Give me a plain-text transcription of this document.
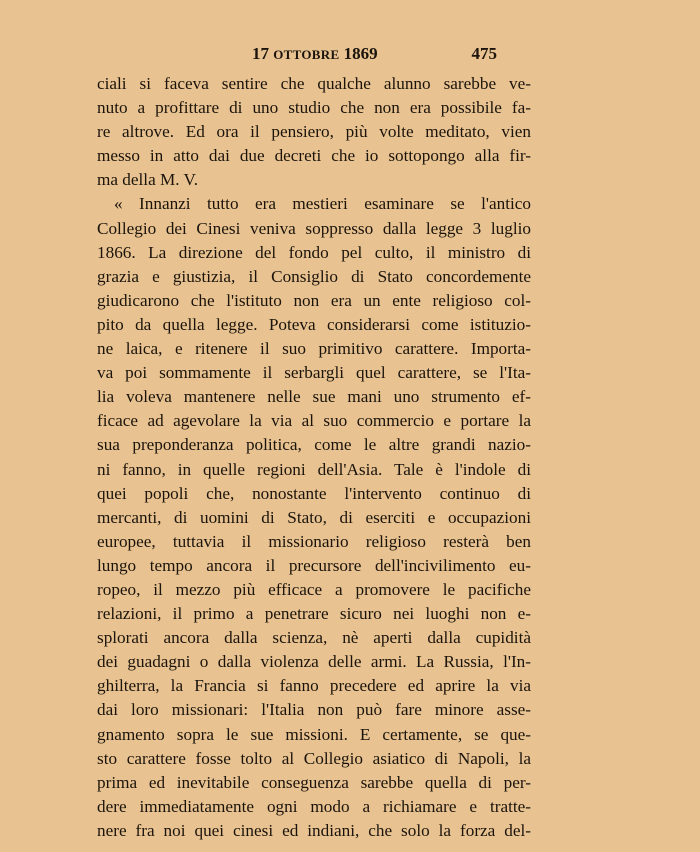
17 OTTOBRE 1869	475
ciali si faceva sentire che qualche alunno sarebbe ve-
nuto a profittare di uno studio che non era possibile fa-
re altrove. Ed ora il pensiero, più volte meditato, vien
messo in atto dai due decreti che io sottopongo alla fir-
ma della M. V.
« Innanzi tutto era mestieri esaminare se l'antico
Collegio dei Cinesi veniva soppresso dalla legge 3 luglio
1866. La direzione del fondo pel culto, il ministro di
grazia e giustizia, il Consiglio di Stato concordemente
giudicarono che l'istituto non era un ente religioso col-
pito da quella legge. Poteva considerarsi come istituzio-
ne laica, e ritenere il suo primitivo carattere. Importa-
va poi sommamente il serbargli quel carattere, se l'Ita-
lia voleva mantenere nelle sue mani uno strumento ef-
ficace ad agevolare la via al suo commercio e portare la
sua preponderanza politica, come le altre grandi nazio-
ni fanno, in quelle regioni dell'Asia. Tale è l'indole di
quei popoli che, nonostante l'intervento continuo di
mercanti, di uomini di Stato, di eserciti e occupazioni
europee, tuttavia il missionario religioso resterà ben
lungo tempo ancora il precursore dell'incivilimento eu-
ropeo, il mezzo più efficace a promovere le pacifiche
relazioni, il primo a penetrare sicuro nei luoghi non e-
splorati ancora dalla scienza, nè aperti dalla cupidità
dei guadagni o dalla violenza delle armi. La Russia, l'In-
ghilterra, la Francia si fanno precedere ed aprire la via
dai loro missionari: l'Italia non può fare minore asse-
gnamento sopra le sue missioni. E certamente, se que-
sto carattere fosse tolto al Collegio asiatico di Napoli, la
prima ed inevitabile conseguenza sarebbe quella di per-
dere immediatamente ogni modo a richiamare e tratte-
nere fra noi quei cinesi ed indiani, che solo la forza del-
